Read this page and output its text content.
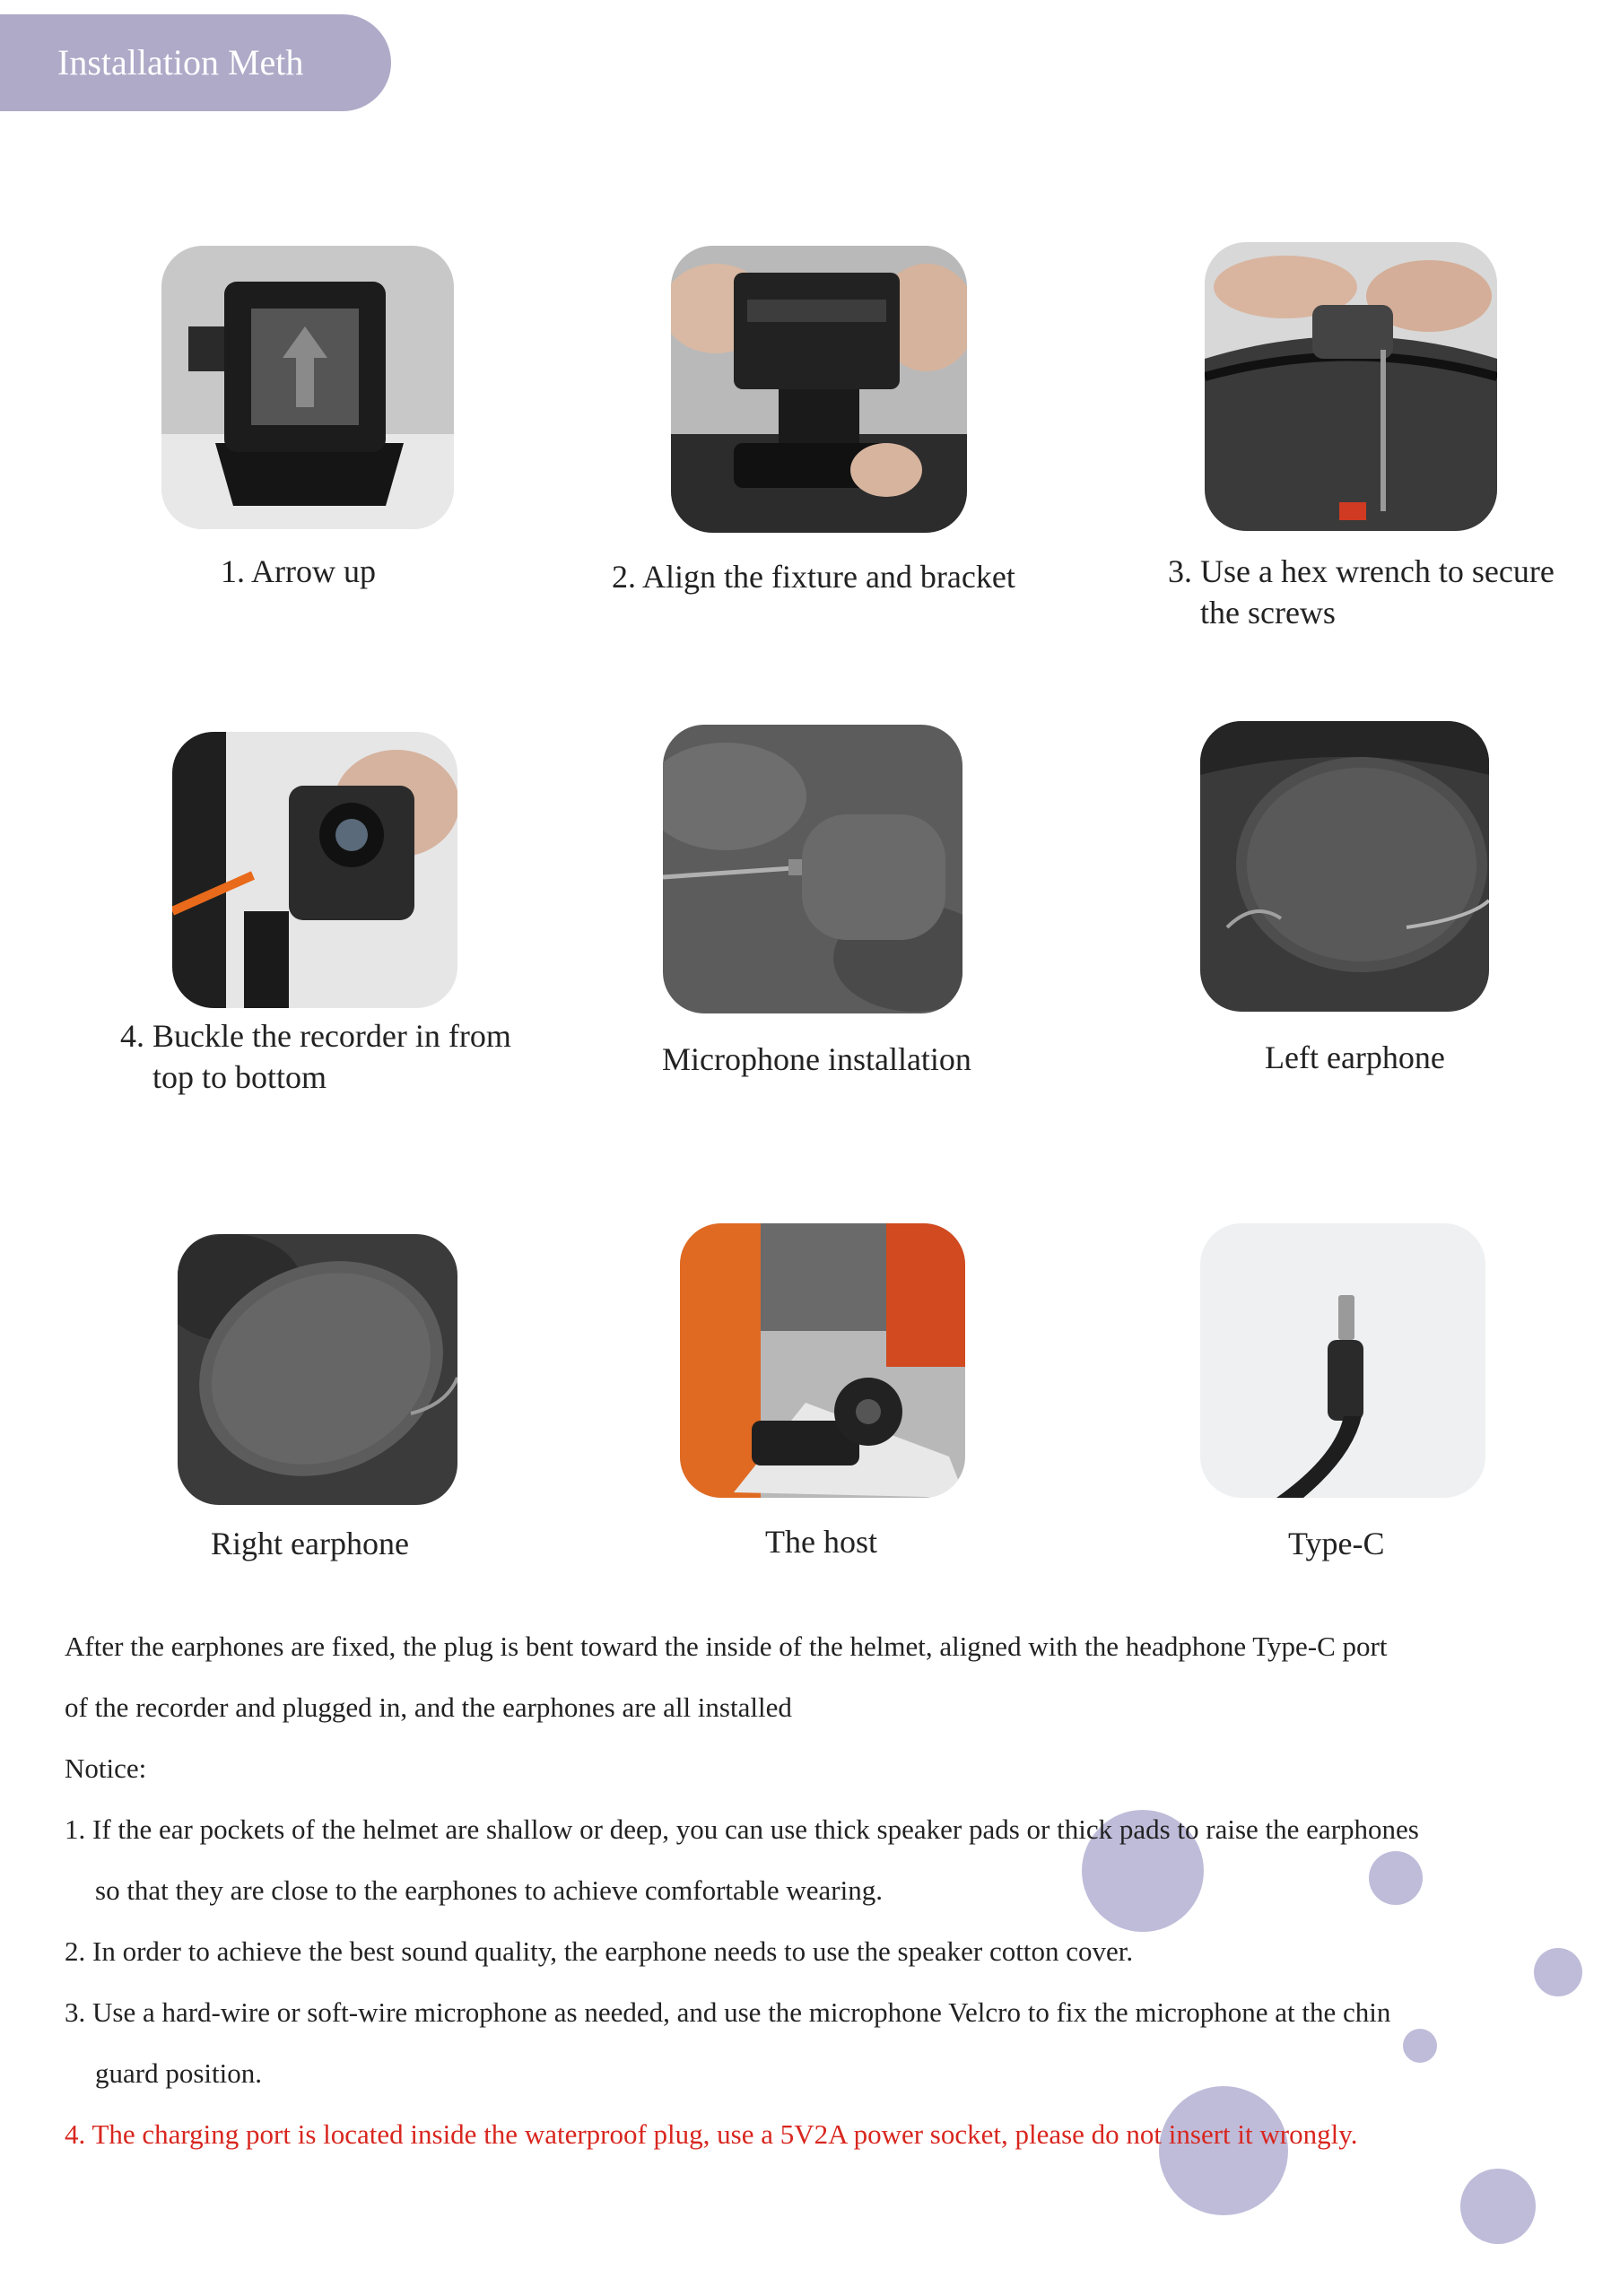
Installation Meth
1. Arrow up	2. Align the fixture and bracket	3. Use a hex wrench to secure
the screws
4. Buckle the recorder in from
top to bottom	Microphone installation	Left earphone
Right earphone	The host	Type-C
After the earphones are fixed, the plug is bent toward the inside of the helmet, aligned with the headphone Type-C port
of the recorder and plugged in, and the earphones are all installed
Notice:
1. If the ear pockets of the helmet are shallow or deep, you can use thick speaker pads or thick pads to raise the earphones
so that they are close to the earphones to achieve comfortable wearing.
2. In order to achieve the best sound quality, the earphone needs to use the speaker cotton cover.
3. Use a hard-wire or soft-wire microphone as needed, and use the microphone Velcro to fix the microphone at the chin
guard position.
4. The charging port is located inside the waterproof plug, use a 5V2A power socket, please do not insert it wrongly.
